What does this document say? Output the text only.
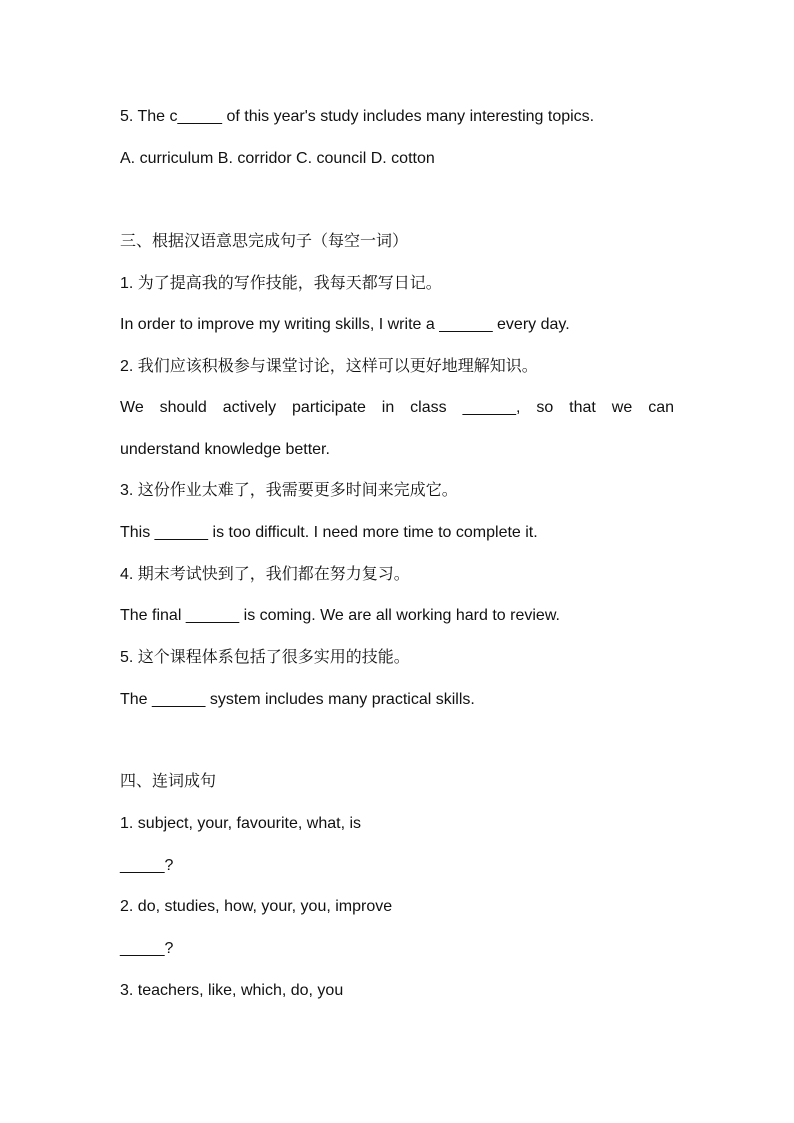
5. The c_____ of this year's study includes many interesting topics.
A. curriculum B. corridor C. council D. cotton
三、根据汉语意思完成句子（每空一词）
1. 为了提高我的写作技能，我每天都写日记。
In order to improve my writing skills, I write a ______ every day.
2. 我们应该积极参与课堂讨论，这样可以更好地理解知识。
We should actively participate in class ______, so that we can
understand knowledge better.
3. 这份作业太难了，我需要更多时间来完成它。
This ______ is too difficult. I need more time to complete it.
4. 期末考试快到了，我们都在努力复习。
The final ______ is coming. We are all working hard to review.
5. 这个课程体系包括了很多实用的技能。
The ______ system includes many practical skills.
四、连词成句
1. subject, your, favourite, what, is
_____?
2. do, studies, how, your, you, improve
_____?
3. teachers, like, which, do, you
